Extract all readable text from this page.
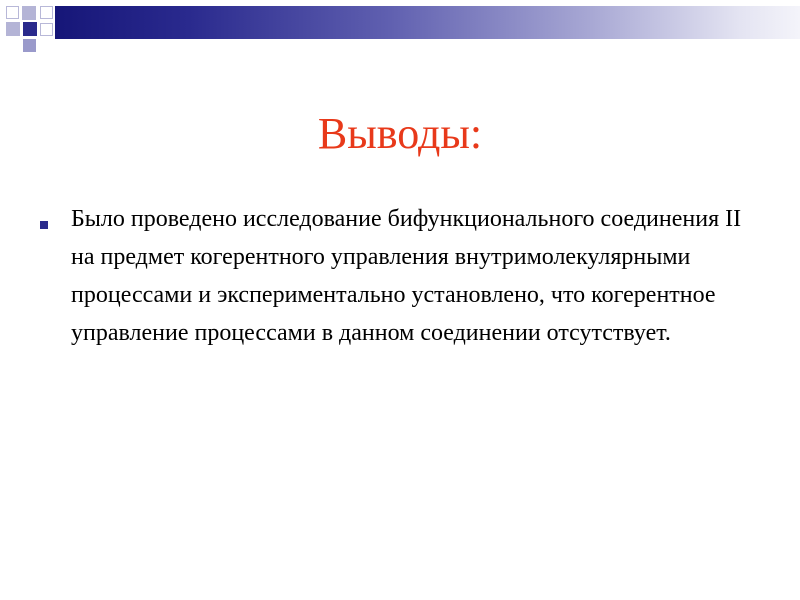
Выводы:
Было проведено исследование бифункционального соединения II на предмет когерентного управления внутримолекулярными процессами и экспериментально установлено, что когерентное управление процессами в данном соединении отсутствует.
